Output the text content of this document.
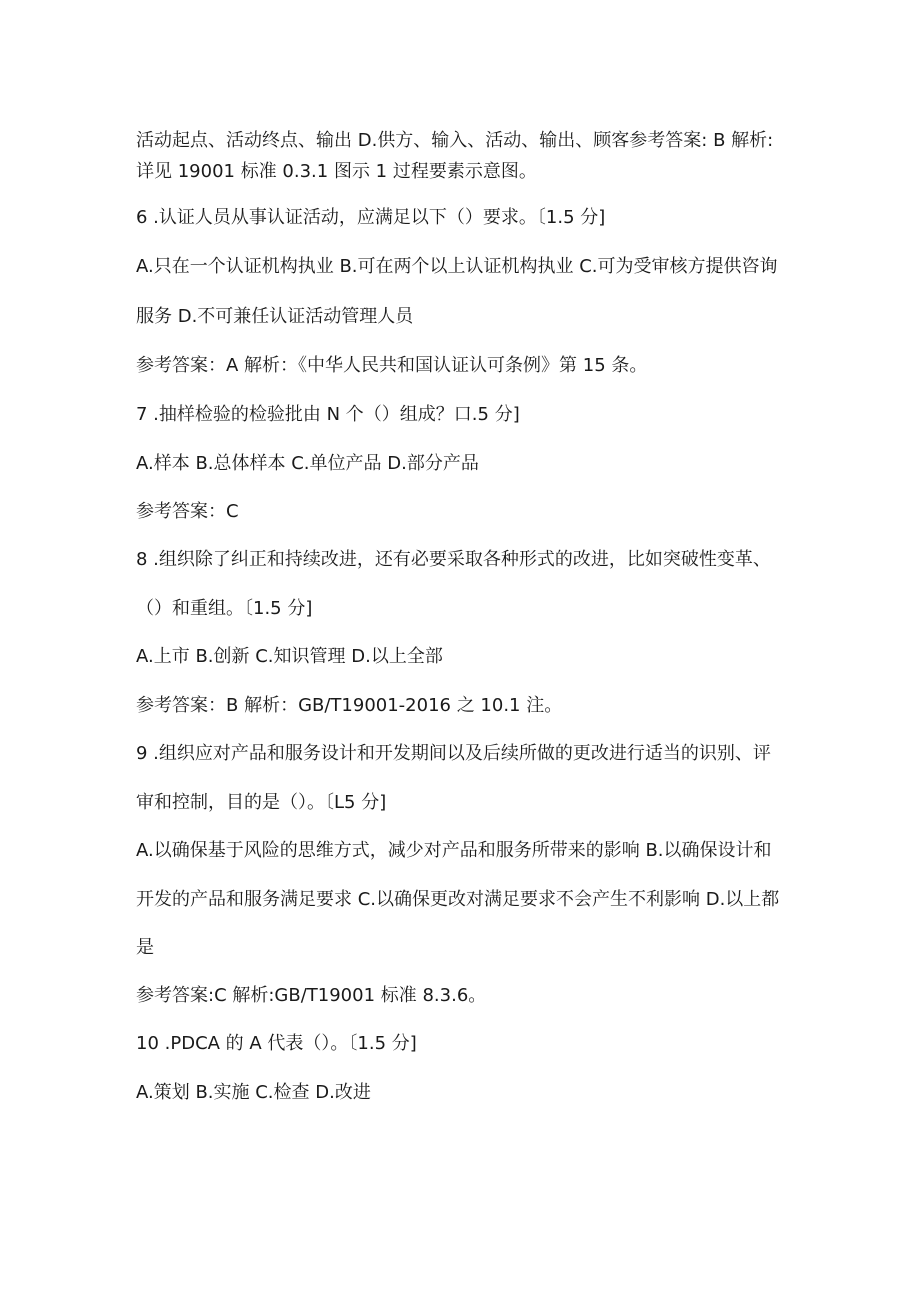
活动起点、活动终点、输出 D.供方、输入、活动、输出、顾客参考答案: B 解析:
详见 19001 标准 0.3.1 图示 1 过程要素示意图。
6 .认证人员从事认证活动，应满足以下（）要求。〔1.5 分]
A.只在一个认证机构执业 B.可在两个以上认证机构执业 C.可为受审核方提供咨询
服务 D.不可兼任认证活动管理人员
参考答案：A 解析：《中华人民共和国认证认可条例》第 15 条。
7 .抽样检验的检验批由 N 个（）组成？口.5 分]
A.样本 B.总体样本 C.单位产品 D.部分产品
参考答案：C
8 .组织除了纠正和持续改进，还有必要采取各种形式的改进，比如突破性变革、
（）和重组。〔1.5 分]
A.上市 B.创新 C.知识管理 D.以上全部
参考答案：B 解析：GB/T19001-2016 之 10.1 注。
9 .组织应对产品和服务设计和开发期间以及后续所做的更改进行适当的识别、评
审和控制，目的是（）。〔L5 分]
A.以确保基于风险的思维方式，减少对产品和服务所带来的影响 B.以确保设计和
开发的产品和服务满足要求 C.以确保更改对满足要求不会产生不利影响 D.以上都
是
参考答案:C 解析:GB/T19001 标准 8.3.6。
10 .PDCA 的 A 代表（）。〔1.5 分]
A.策划 B.实施 C.检查 D.改进
